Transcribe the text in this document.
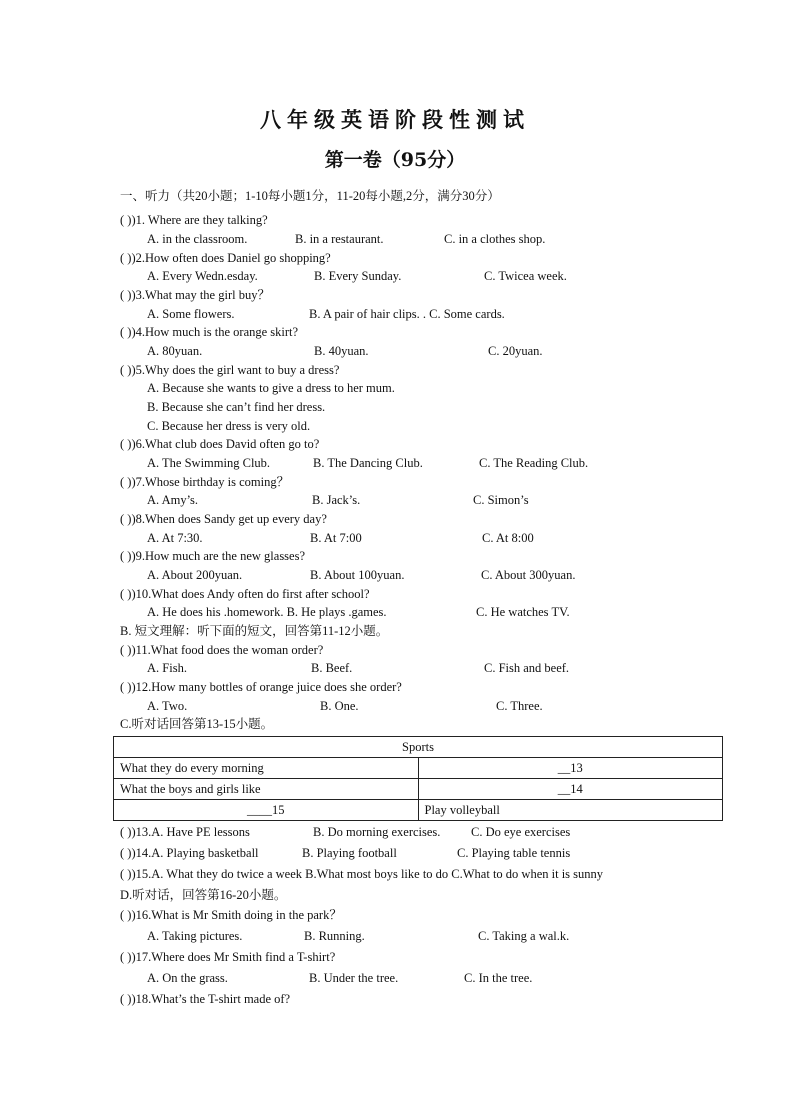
八年级英语阶段性测试
第一卷（95分）
一、听力（共20小题；1-10每小题1分，11-20每小题,2分，满分30分）
( ))1. Where are they talking?
A. in the classroom.	B. in a restaurant.	C. in a clothes shop.
( ))2.How often does Daniel go shopping?
A. Every Wedn.esday.	B. Every Sunday.	C. Twicea week.
( ))3.What may the girl buy？
A. Some flowers.	B. A pair of hair clips. . C. Some cards.
( ))4.How much is the orange skirt?
A. 80yuan.	B. 40yuan.	C. 20yuan.
( ))5.Why does the girl want to buy a dress?
A. Because she wants to give a dress to her mum.
B. Because she can’t find her dress.
C. Because her dress is very old.
( ))6.What club does David often go to?
A. The Swimming Club.	B. The Dancing Club.	C. The Reading Club.
( ))7.Whose birthday is coming？
A. Amy’s.	B. Jack’s.	C. Simon’s
( ))8.When does Sandy get up every day?
A. At 7:30.	B. At 7:00	C. At 8:00
( ))9.How much are the new glasses?
A. About 200yuan.	B. About 100yuan.	C. About 300yuan.
( ))10.What does Andy often do first after school?
A. He does his .homework. B. He plays .games.	C. He watches TV.
B. 短文理解：听下面的短文，回答第11-12小题。
( ))11.What food does the woman order?
A. Fish.	B. Beef.	C. Fish and beef.
( ))12.How many bottles of orange juice does she order?
A. Two.	B. One.	C. Three.
C.听对话回答第13-15小题。
Sports	
What they do every morning	__13
What the boys and girls like	__14
____15	Play volleyball
( ))13.A. Have PE lessons	B. Do morning exercises. C. Do eye exercises
( ))14.A. Playing basketball	B. Playing football	C. Playing table tennis
( ))15.A. What they do twice a week B.What most boys like to do C.What to do when it is sunny
D.听对话，回答第16-20小题。
( ))16.What is Mr Smith doing in the park？
A. Taking pictures.	B. Running.	C. Taking a wal.k.
( ))17.Where does Mr Smith find a T-shirt?
A. On the grass.	B. Under the tree.	C. In the tree.
( ))18.What’s the T-shirt made of?
